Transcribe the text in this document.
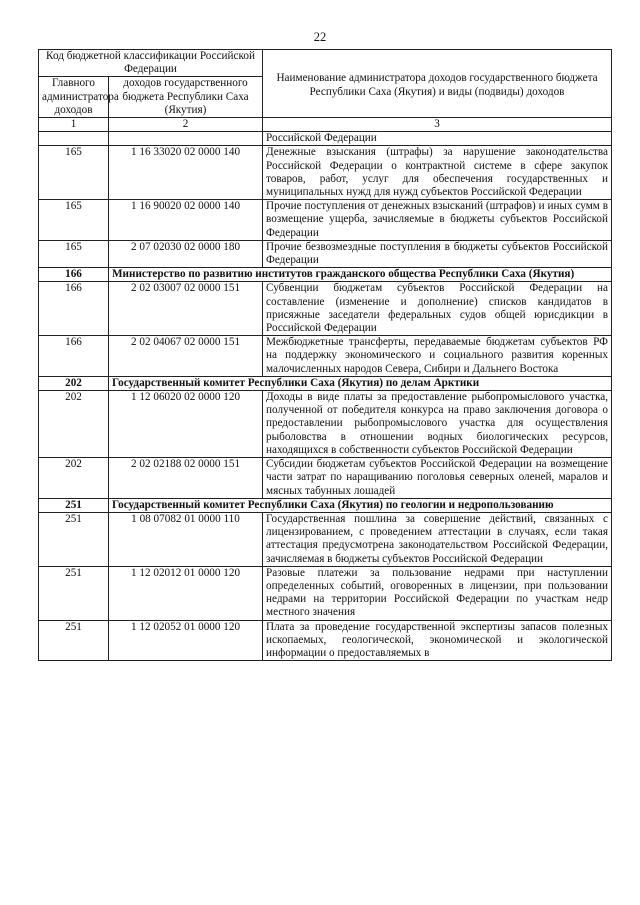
22
Код бюджетной классификации Российской Федерации		Наименование администратора доходов государственного бюджета Республики Саха (Якутия) и виды (подвиды) доходов
Главного администратора доходов	доходов государственного бюджета Республики Саха (Якутия)	
1	2	3
		Российской Федерации
165	1 16 33020 02 0000 140	Денежные взыскания (штрафы) за нарушение законодательства Российской Федерации о контрактной системе в сфере закупок товаров, работ, услуг для обеспечения государственных и муниципальных нужд для нужд субъектов Российской Федерации
165	1 16 90020 02 0000 140	Прочие поступления от денежных взысканий (штрафов) и иных сумм в возмещение ущерба, зачисляемые в бюджеты субъектов Российской Федерации
165	2 07 02030 02 0000 180	Прочие безвозмездные поступления в бюджеты субъектов Российской Федерации
166	Министерство по развитию институтов гражданского общества Республики Саха (Якутия)	
166	2 02 03007 02 0000 151	Субвенции бюджетам субъектов Российской Федерации на составление (изменение и дополнение) списков кандидатов в присяжные заседатели федеральных судов общей юрисдикции в Российской Федерации
166	2 02 04067 02 0000 151	Межбюджетные трансферты, передаваемые бюджетам субъектов РФ на поддержку экономического и социального развития коренных малочисленных народов Севера, Сибири и Дальнего Востока
202	Государственный комитет Республики Саха (Якутия) по делам Арктики	
202	1 12 06020 02 0000 120	Доходы в виде платы за предоставление рыбопромыслового участка, полученной от победителя конкурса на право заключения договора о предоставлении рыбопромыслового участка для осуществления рыболовства в отношении водных биологических ресурсов, находящихся в собственности субъектов Российской Федерации
202	2 02 02188 02 0000 151	Субсидии бюджетам субъектов Российской Федерации на возмещение части затрат по наращиванию поголовья северных оленей, маралов и мясных табунных лошадей
251	Государственный комитет Республики Саха (Якутия) по геологии и недропользованию	
251	1 08 07082 01 0000 110	Государственная пошлина за совершение действий, связанных с лицензированием, с проведением аттестации в случаях, если такая аттестация предусмотрена законодательством Российской Федерации, зачисляемая в бюджеты субъектов Российской Федерации
251	1 12 02012 01 0000 120	Разовые платежи за пользование недрами при наступлении определенных событий, оговоренных в лицензии, при пользовании недрами на территории Российской Федерации по участкам недр местного значения
251	1 12 02052 01 0000 120	Плата за проведение государственной экспертизы запасов полезных ископаемых, геологической, экономической и экологической информации о предоставляемых в
